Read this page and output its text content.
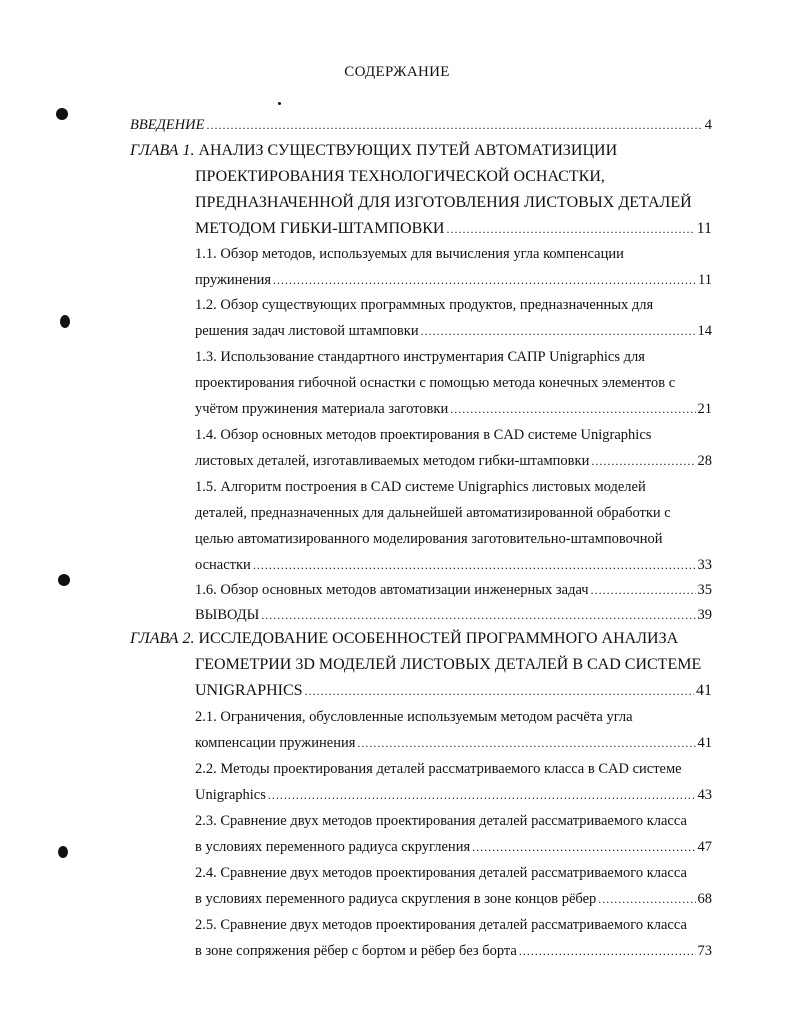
СОДЕРЖАНИЕ
ВВЕДЕНИЕ .....	4
ГЛАВА 1. АНАЛИЗ СУЩЕСТВУЮЩИХ ПУТЕЙ АВТОМАТИЗИЦИИ
ПРОЕКТИРОВАНИЯ ТЕХНОЛОГИЧЕСКОЙ ОСНАСТКИ,
ПРЕДНАЗНАЧЕННОЙ ДЛЯ ИЗГОТОВЛЕНИЯ ЛИСТОВЫХ ДЕТАЛЕЙ
МЕТОДОМ ГИБКИ-ШТАМПОВКИ .....	11
1.1. Обзор методов, используемых для вычисления угла компенсации
пружинения .....	11
1.2. Обзор существующих программных продуктов, предназначенных для
решения задач листовой штамповки .....	14
1.3. Использование стандартного инструментария САПР Unigraphics для
проектирования гибочной оснастки с помощью метода конечных элементов с
учётом пружинения материала заготовки .....	21
1.4. Обзор основных методов проектирования в CAD системе Unigraphics
листовых деталей, изготавливаемых методом гибки-штамповки .....	28
1.5. Алгоритм построения в CAD системе Unigraphics листовых моделей
деталей, предназначенных для дальнейшей автоматизированной обработки с
целью автоматизированного моделирования заготовительно-штамповочной
оснастки .....	33
1.6. Обзор основных методов автоматизации инженерных задач .....	35
ВЫВОДЫ .....	39
ГЛАВА 2. ИССЛЕДОВАНИЕ ОСОБЕННОСТЕЙ ПРОГРАММНОГО АНАЛИЗА
ГЕОМЕТРИИ 3D МОДЕЛЕЙ ЛИСТОВЫХ ДЕТАЛЕЙ В CAD СИСТЕМЕ
UNIGRAPHICS .....	41
2.1. Ограничения, обусловленные используемым методом расчёта угла
компенсации пружинения .....	41
2.2. Методы проектирования деталей рассматриваемого класса в CAD системе
Unigraphics .....	43
2.3. Сравнение двух методов проектирования деталей рассматриваемого класса
в условиях переменного радиуса скругления .....	47
2.4. Сравнение двух методов проектирования деталей рассматриваемого класса
в условиях переменного радиуса скругления в зоне концов рёбер .....	68
2.5. Сравнение двух методов проектирования деталей рассматриваемого класса
в зоне сопряжения рёбер с бортом и рёбер без борта .....	73
